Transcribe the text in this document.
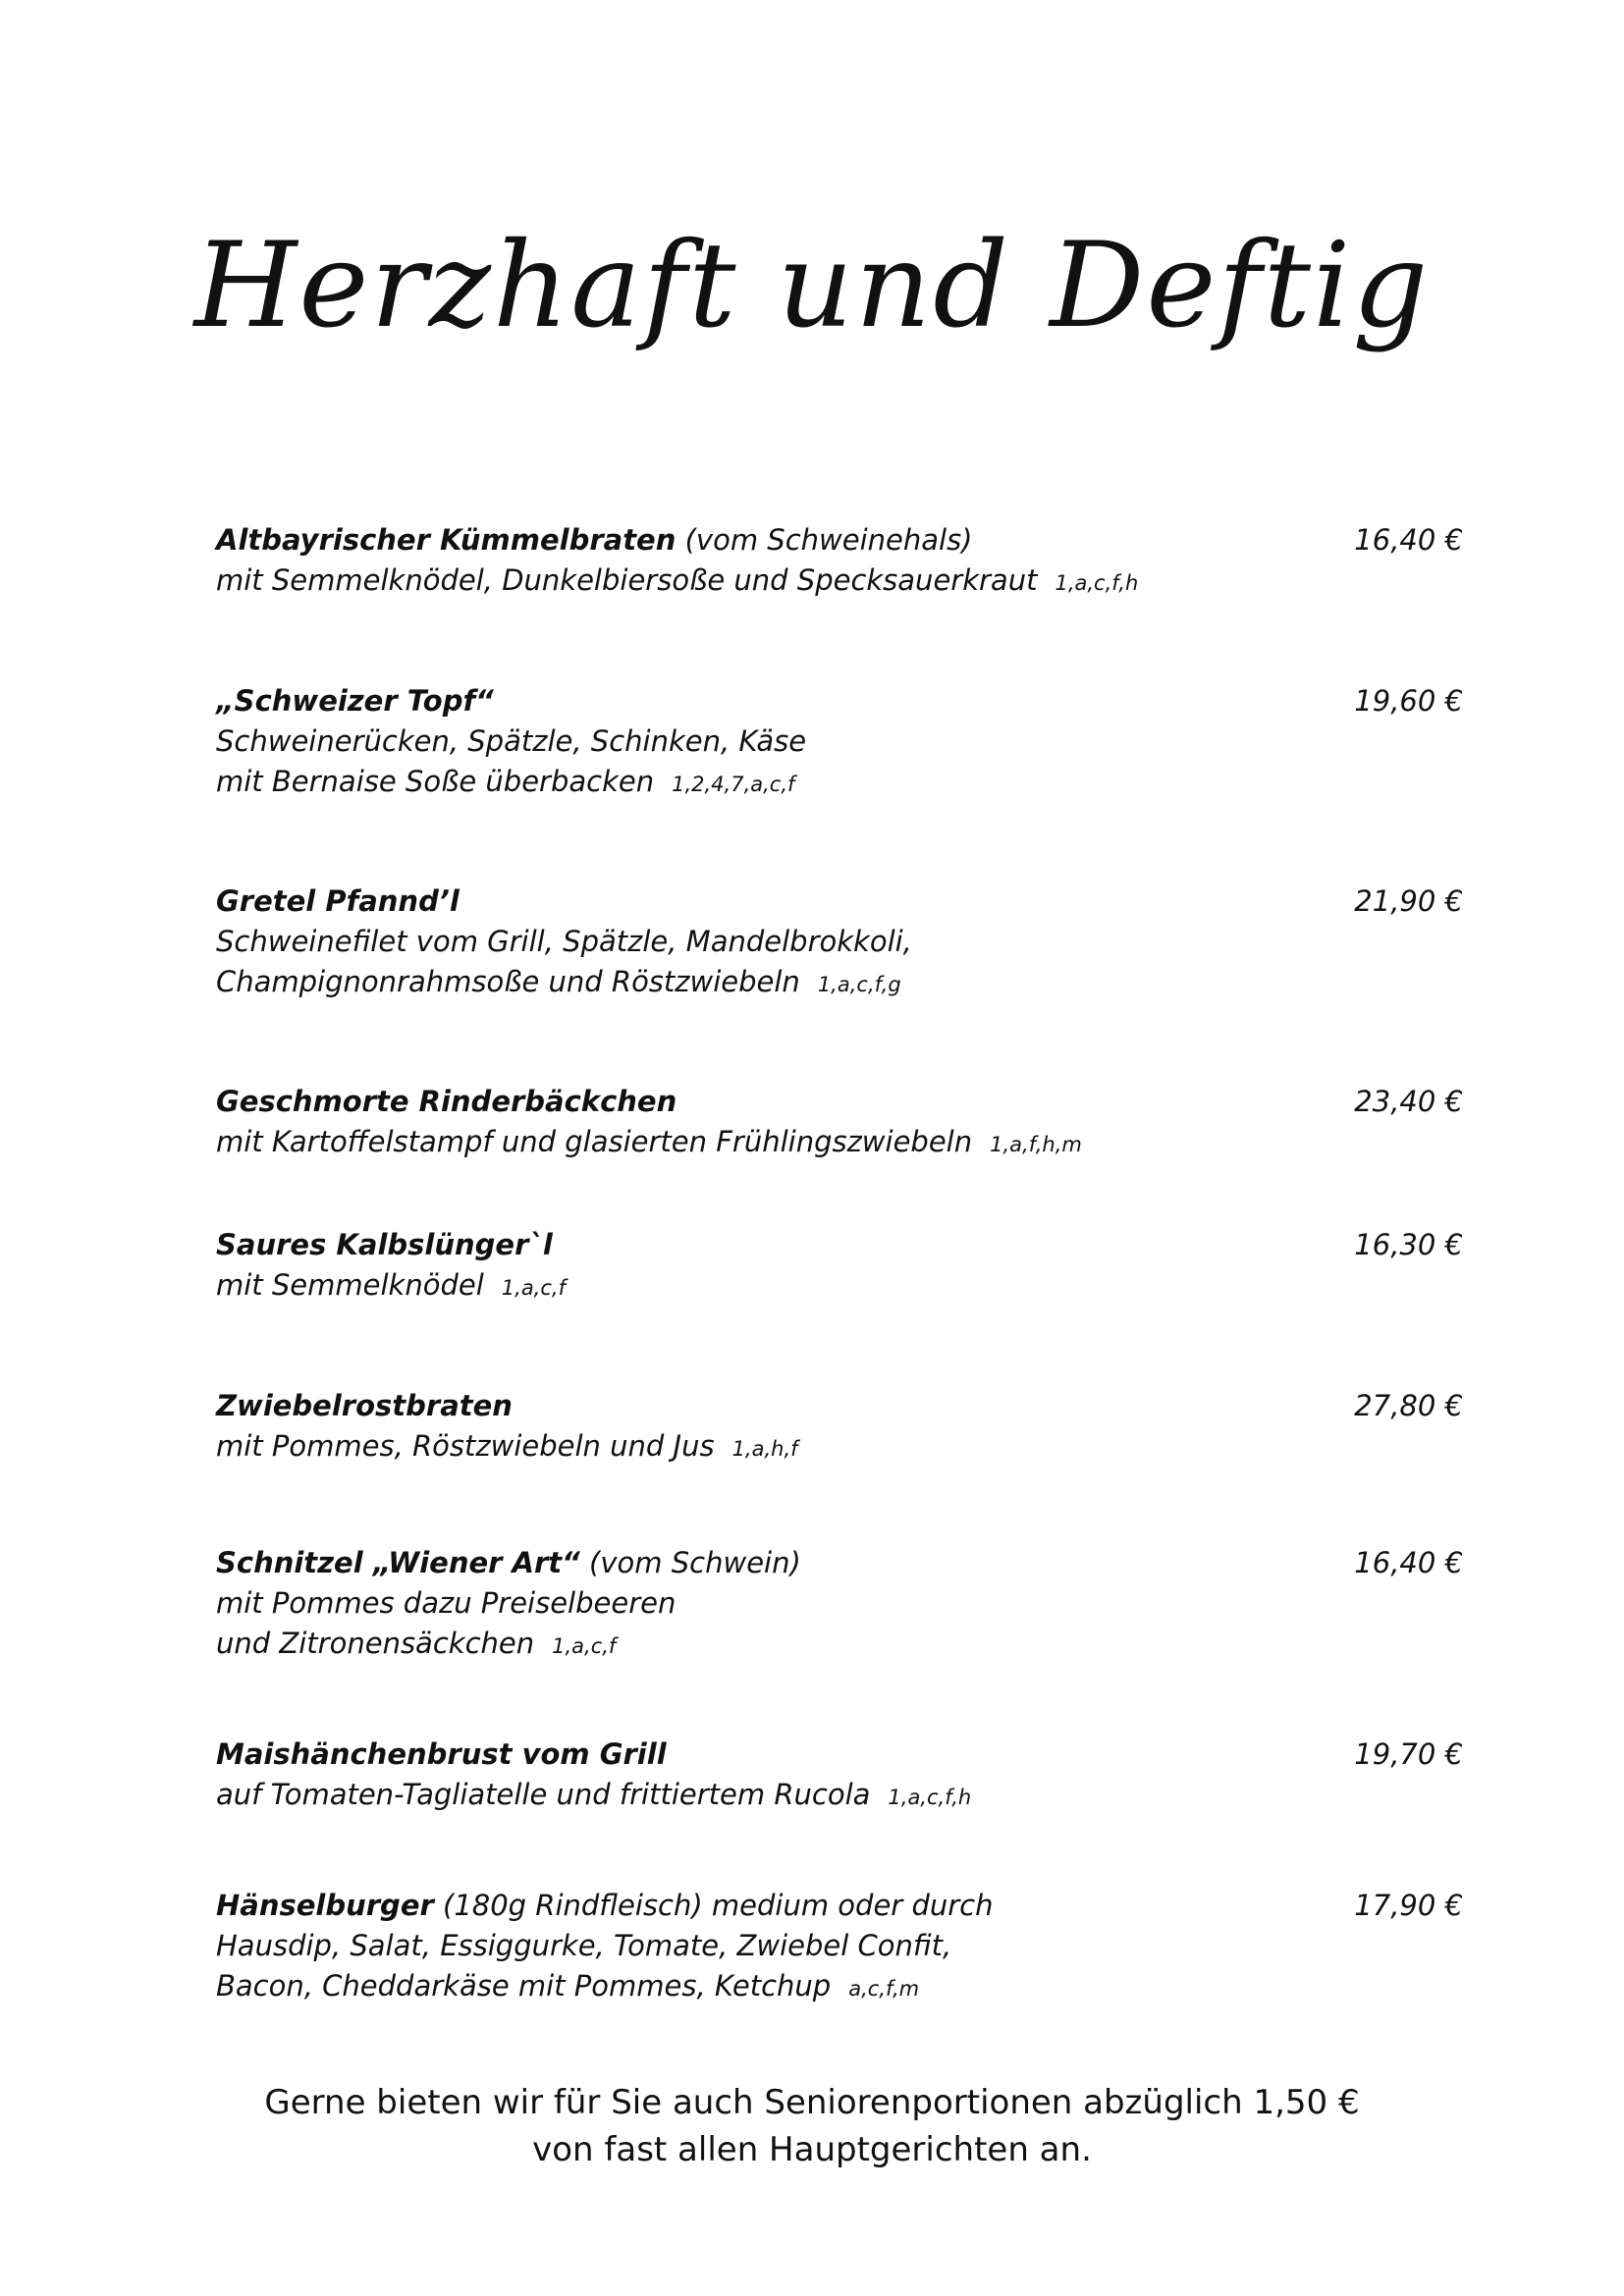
Herzhaft und Deftig
Altbayrischer Kümmelbraten (vom Schweinehals)
mit Semmelknödel, Dunkelbiersoße und Specksauerkraut 1,a,c,f,h
16,40 €
„Schweizer Topf“
Schweinerücken, Spätzle, Schinken, Käse
mit Bernaise Soße überbacken 1,2,4,7,a,c,f
19,60 €
Gretel Pfannd’l
Schweinefilet vom Grill, Spätzle, Mandelbrokkoli,
Champignonrahmsoße und Röstzwiebeln 1,a,c,f,g
21,90 €
Geschmorte Rinderbäckchen
mit Kartoffelstampf und glasierten Frühlingszwiebeln 1,a,f,h,m
23,40 €
Saures Kalbslünger`l
mit Semmelknödel 1,a,c,f
16,30 €
Zwiebelrostbraten
mit Pommes, Röstzwiebeln und Jus 1,a,h,f
27,80 €
Schnitzel „Wiener Art“ (vom Schwein)
mit Pommes dazu Preiselbeeren
und Zitronensäckchen 1,a,c,f
16,40 €
Maishänchenbrust vom Grill
auf Tomaten-Tagliatelle und frittiertem Rucola 1,a,c,f,h
19,70 €
Hänselburger (180g Rindfleisch) medium oder durch
Hausdip, Salat, Essiggurke, Tomate, Zwiebel Confit,
Bacon, Cheddarkäse mit Pommes, Ketchup a,c,f,m
17,90 €
Gerne bieten wir für Sie auch Seniorenportionen abzüglich 1,50 €
von fast allen Hauptgerichten an.
